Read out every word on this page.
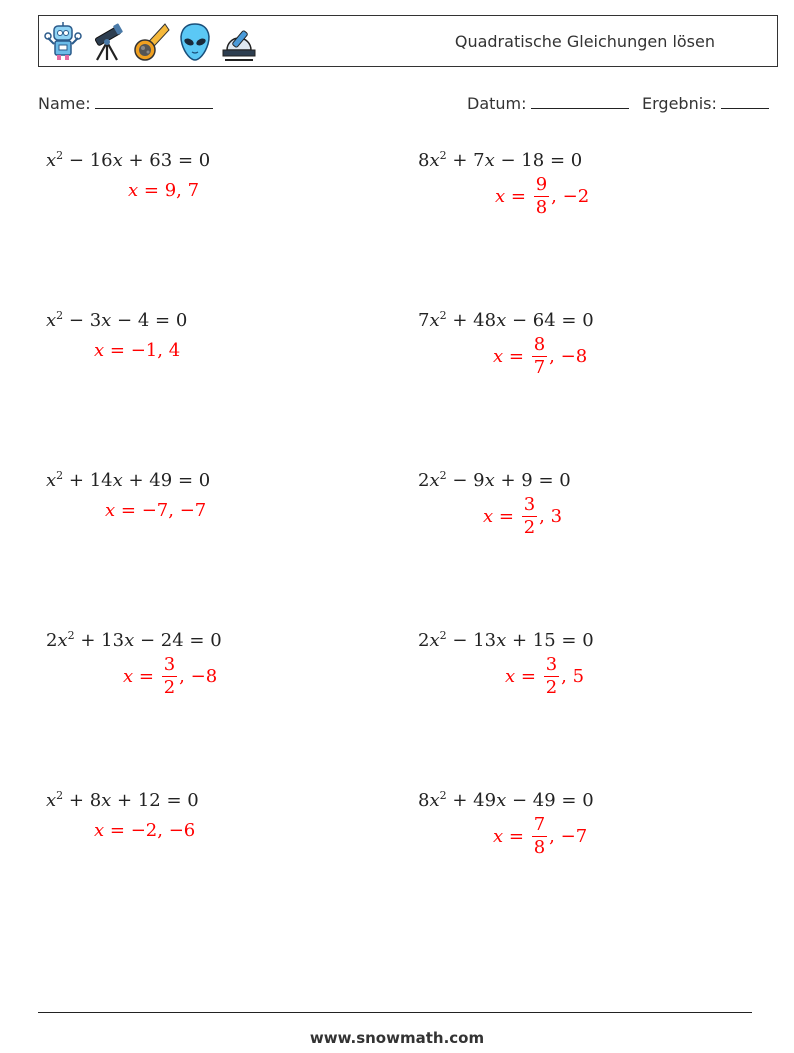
Quadratische Gleichungen lösen
Name:	Datum:	Ergebnis:
$x^2 - 16x + 63 = 0$
x
=
9, 7
$8x^2 + 7x - 18 = 0$
x
=
$\frac{9}{8}$ , −2
$x^2 - 3x - 4 = 0$
x
=
−1, 4
$7x^2 + 48x - 64 = 0$
x
=
$\frac{8}{7}$ , −8
$x^2 + 14x + 49 = 0$
x
=
−7, −7
$2x^2 - 9x + 9 = 0$
x
=
$\frac{3}{2}$ , 3
$2x^2 + 13x - 24 = 0$
x
=
$\frac{3}{2}$ , −8
$2x^2 - 13x + 15 = 0$
x
=
$\frac{3}{2}$ , 5
$x^2 + 8x + 12 = 0$
x
=
−2, −6
$8x^2 + 49x - 49 = 0$
x
=
$\frac{7}{8}$ , −7
www.snowmath.com
